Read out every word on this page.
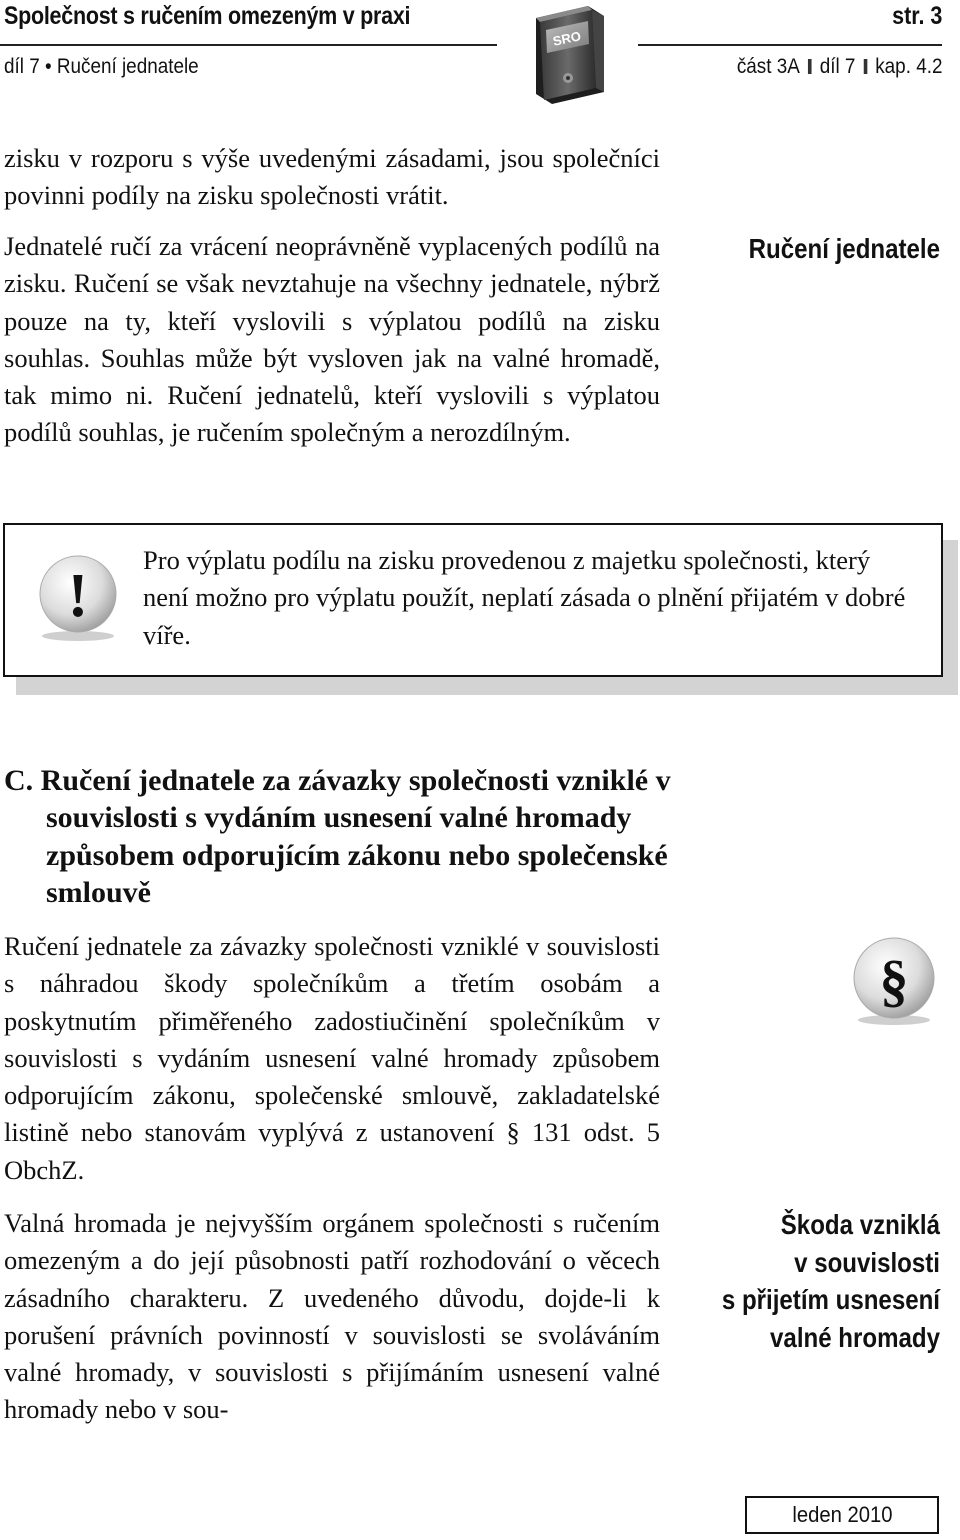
Společnost s ručením omezeným v praxi	str. 3
díl 7 • Ručení jednatele	část 3A díl 7 kap. 4.2
SRO

zisku v rozporu s výše uvedenými zásadami, jsou společníci povinni podíly na zisku společnosti vrátit.

Jednatelé ručí za vrácení neoprávněně vyplacených podílů na zisku. Ručení se však nevztahuje na všechny jednatele, nýbrž pouze na ty, kteří vyslovili s výplatou podílů na zisku souhlas. Souhlas může být vysloven jak na valné hromadě, tak mimo ni. Ručení jednatelů, kteří vyslovili s výplatou podílů souhlas, je ručením společným a nerozdílným.

Ručení jednatele
!

Pro výplatu podílu na zisku provedenou z majetku společnosti, který není možno pro výplatu použít, neplatí zásada o plnění přijatém v dobré víře.

C. Ručení jednatele za závazky společnosti vzniklé v souvislosti s vydáním usnesení valné hromady způsobem odporujícím zákonu nebo společenské smlouvě

Ručení jednatele za závazky společnosti vzniklé v souvislosti s náhradou škody společníkům a třetím osobám a poskytnutím přiměřeného zadostiučinění společníkům v souvislosti s vydáním usnesení valné hromady způsobem odporujícím zákonu, společenské smlouvě, zakladatelské listině nebo stanovám vyplývá z ustanovení § 131 odst. 5 ObchZ.

§

Valná hromada je nejvyšším orgánem společnosti s ručením omezeným a do její působnosti patří rozhodování o věcech zásadního charakteru. Z uvedeného důvodu, dojde-li k porušení právních povinností v souvislosti se svoláváním valné hromady, v souvislosti s přijímáním usnesení valné hromady nebo v sou-

Škoda vzniklá
v souvislosti
s přijetím usnesení
valné hromady
leden 2010
